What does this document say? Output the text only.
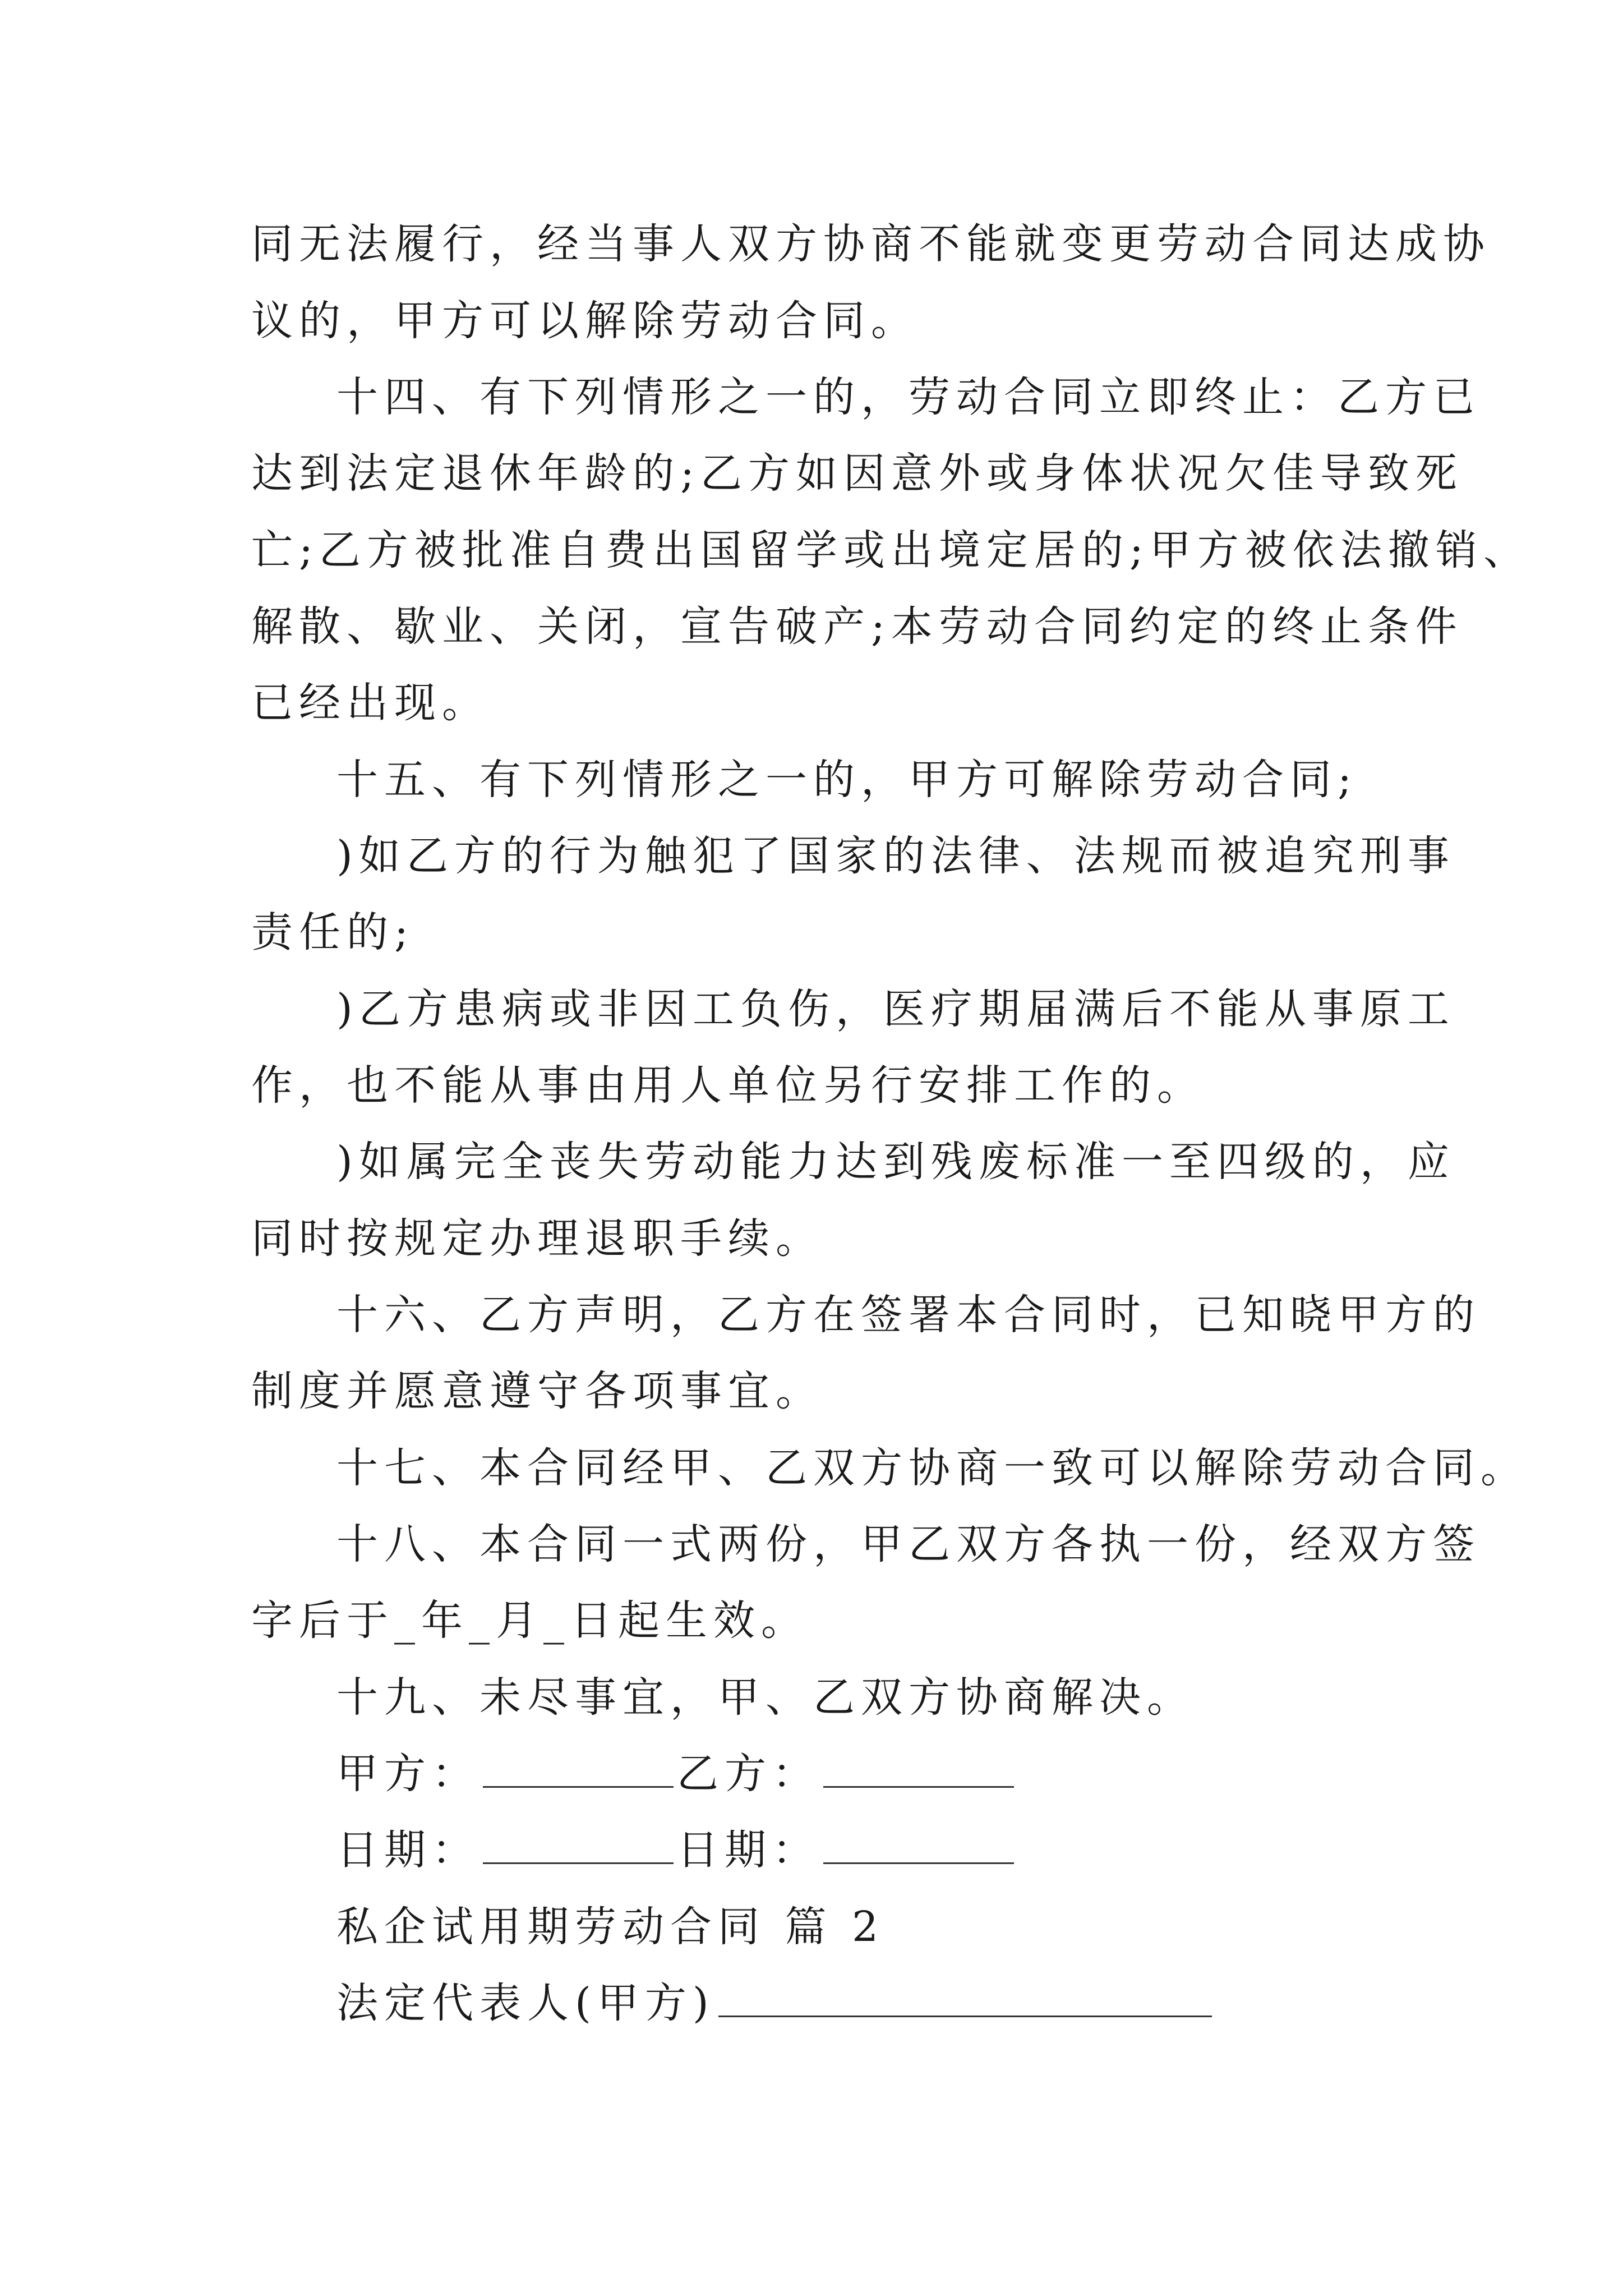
同无法履行，经当事人双方协商不能就变更劳动合同达成协
议的，甲方可以解除劳动合同。
十四、有下列情形之一的，劳动合同立即终止：乙方已
达到法定退休年龄的;乙方如因意外或身体状况欠佳导致死
亡;乙方被批准自费出国留学或出境定居的;甲方被依法撤销、
解散、歇业、关闭，宣告破产;本劳动合同约定的终止条件
已经出现。
十五、有下列情形之一的，甲方可解除劳动合同;
)如乙方的行为触犯了国家的法律、法规而被追究刑事
责任的;
)乙方患病或非因工负伤，医疗期届满后不能从事原工
作，也不能从事由用人单位另行安排工作的。
)如属完全丧失劳动能力达到残废标准一至四级的，应
同时按规定办理退职手续。
十六、乙方声明，乙方在签署本合同时，已知晓甲方的
制度并愿意遵守各项事宜。
十七、本合同经甲、乙双方协商一致可以解除劳动合同。
十八、本合同一式两份，甲乙双方各执一份，经双方签
字后于_年_月_日起生效。
十九、未尽事宜，甲、乙双方协商解决。
甲方：	乙方：
日期：	日期：
私企试用期劳动合同 篇 2
法定代表人(甲方)
